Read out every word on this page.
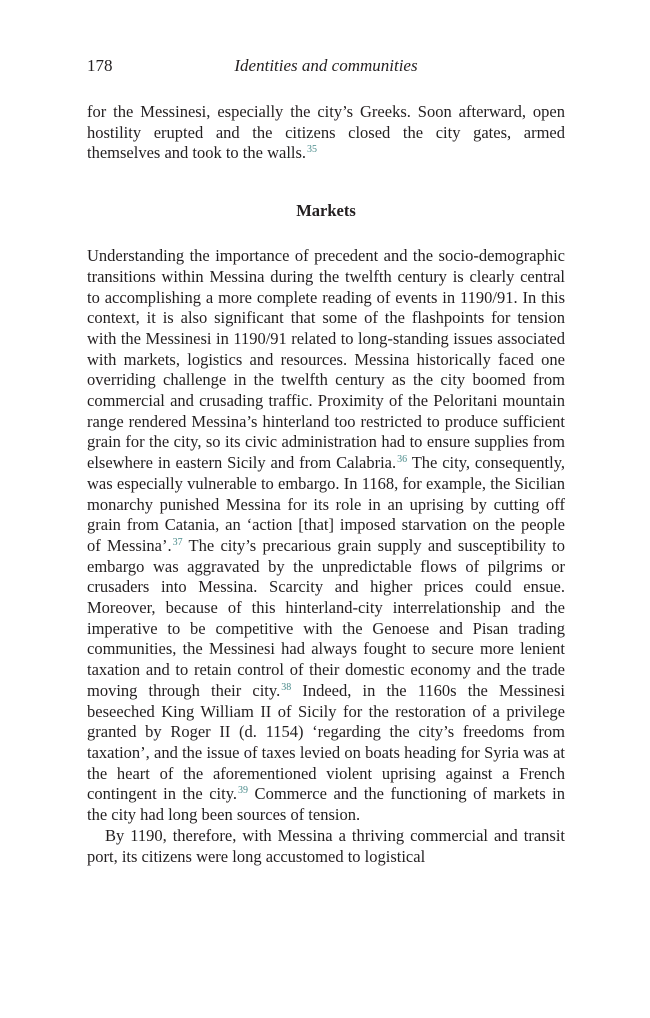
178	Identities and communities

for the Messinesi, especially the city’s Greeks. Soon afterward, open hostility erupted and the citizens closed the city gates, armed themselves and took to the walls.$^{35}$

Markets

Understanding the importance of precedent and the socio-demographic transitions within Messina during the twelfth century is clearly central to accomplishing a more complete reading of events in 1190/91. In this context, it is also significant that some of the flashpoints for tension with the Messinesi in 1190/91 related to long-standing issues associated with markets, logistics and resources. Messina historically faced one overriding challenge in the twelfth century as the city boomed from commercial and crusading traffic. Proximity of the Peloritani mountain range rendered Messina’s hinterland too restricted to produce sufficient grain for the city, so its civic administration had to ensure supplies from elsewhere in eastern Sicily and from Calabria.$^{36}$ The city, consequently, was especially vulnerable to embargo. In 1168, for example, the Sicilian monarchy punished Messina for its role in an uprising by cutting off grain from Catania, an ‘action [that] imposed starvation on the people of Messina’.$^{37}$ The city’s precarious grain supply and susceptibility to embargo was aggravated by the unpredictable flows of pilgrims or crusaders into Messina. Scarcity and higher prices could ensue. Moreover, because of this hinterland-city interrelationship and the imperative to be competitive with the Genoese and Pisan trading communities, the Messinesi had always fought to secure more lenient taxation and to retain control of their domestic economy and the trade moving through their city.$^{38}$ Indeed, in the 1160s the Messinesi beseeched King William II of Sicily for the restoration of a privilege granted by Roger II (d. 1154) ‘regarding the city’s freedoms from taxation’, and the issue of taxes levied on boats heading for Syria was at the heart of the aforementioned violent uprising against a French contingent in the city.$^{39}$ Commerce and the functioning of markets in the city had long been sources of tension.

By 1190, therefore, with Messina a thriving commercial and transit port, its citizens were long accustomed to logistical
